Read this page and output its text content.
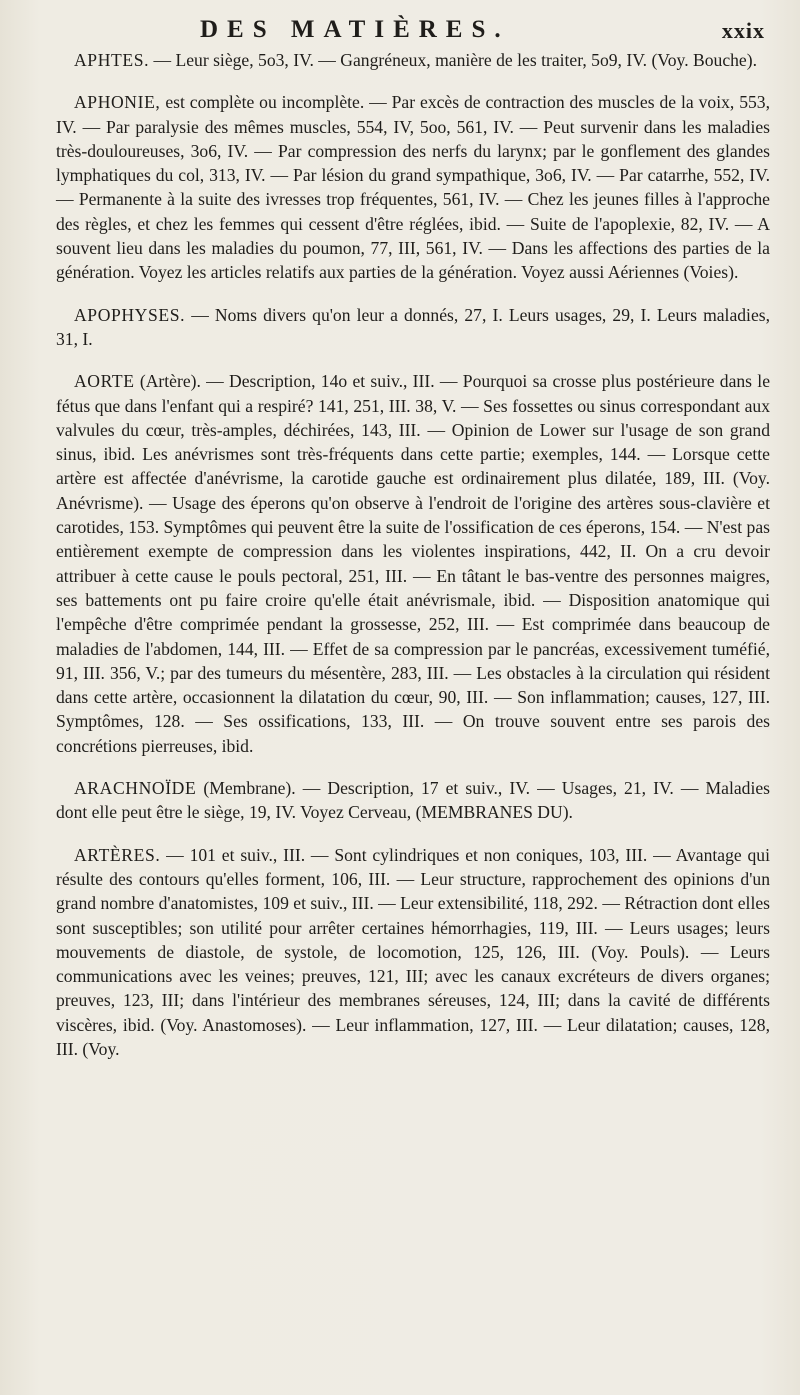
DES MATIÈRES.	xxix

APHTES. — Leur siège, 5o3, IV. — Gangréneux, manière de les traiter, 5o9, IV. (Voy. Bouche).

APHONIE, est complète ou incomplète. — Par excès de contraction des muscles de la voix, 553, IV. — Par paralysie des mêmes muscles, 554, IV, 5oo, 561, IV. — Peut survenir dans les maladies très-douloureuses, 3o6, IV. — Par compression des nerfs du larynx; par le gonflement des glandes lymphatiques du col, 313, IV. — Par lésion du grand sympathique, 3o6, IV. — Par catarrhe, 552, IV. — Permanente à la suite des ivresses trop fréquentes, 561, IV. — Chez les jeunes filles à l'approche des règles, et chez les femmes qui cessent d'être réglées, ibid. — Suite de l'apoplexie, 82, IV. — A souvent lieu dans les maladies du poumon, 77, III, 561, IV. — Dans les affections des parties de la génération. Voyez les articles relatifs aux parties de la génération. Voyez aussi Aériennes (Voies).

APOPHYSES. — Noms divers qu'on leur a donnés, 27, I. Leurs usages, 29, I. Leurs maladies, 31, I.

AORTE (Artère). — Description, 14o et suiv., III. — Pourquoi sa crosse plus postérieure dans le fétus que dans l'enfant qui a respiré? 141, 251, III. 38, V. — Ses fossettes ou sinus correspondant aux valvules du cœur, très-amples, déchirées, 143, III. — Opinion de Lower sur l'usage de son grand sinus, ibid. Les anévrismes sont très-fréquents dans cette partie; exemples, 144. — Lorsque cette artère est affectée d'anévrisme, la carotide gauche est ordinairement plus dilatée, 189, III. (Voy. Anévrisme). — Usage des éperons qu'on observe à l'endroit de l'origine des artères sous-clavière et carotides, 153. Symptômes qui peuvent être la suite de l'ossification de ces éperons, 154. — N'est pas entièrement exempte de compression dans les violentes inspirations, 442, II. On a cru devoir attribuer à cette cause le pouls pectoral, 251, III. — En tâtant le bas-ventre des personnes maigres, ses battements ont pu faire croire qu'elle était anévrismale, ibid. — Disposition anatomique qui l'empêche d'être comprimée pendant la grossesse, 252, III. — Est comprimée dans beaucoup de maladies de l'abdomen, 144, III. — Effet de sa compression par le pancréas, excessivement tuméfié, 91, III. 356, V.; par des tumeurs du mésentère, 283, III. — Les obstacles à la circulation qui résident dans cette artère, occasionnent la dilatation du cœur, 90, III. — Son inflammation; causes, 127, III. Symptômes, 128. — Ses ossifications, 133, III. — On trouve souvent entre ses parois des concrétions pierreuses, ibid.

ARACHNOÏDE (Membrane). — Description, 17 et suiv., IV. — Usages, 21, IV. — Maladies dont elle peut être le siège, 19, IV. Voyez Cerveau, (MEMBRANES DU).

ARTÈRES. — 101 et suiv., III. — Sont cylindriques et non coniques, 103, III. — Avantage qui résulte des contours qu'elles forment, 106, III. — Leur structure, rapprochement des opinions d'un grand nombre d'anatomistes, 109 et suiv., III. — Leur extensibilité, 118, 292. — Rétraction dont elles sont susceptibles; son utilité pour arrêter certaines hémorrhagies, 119, III. — Leurs usages; leurs mouvements de diastole, de systole, de locomotion, 125, 126, III. (Voy. Pouls). — Leurs communications avec les veines; preuves, 121, III; avec les canaux excréteurs de divers organes; preuves, 123, III; dans l'intérieur des membranes séreuses, 124, III; dans la cavité de différents viscères, ibid. (Voy. Anastomoses). — Leur inflammation, 127, III. — Leur dilatation; causes, 128, III. (Voy.
